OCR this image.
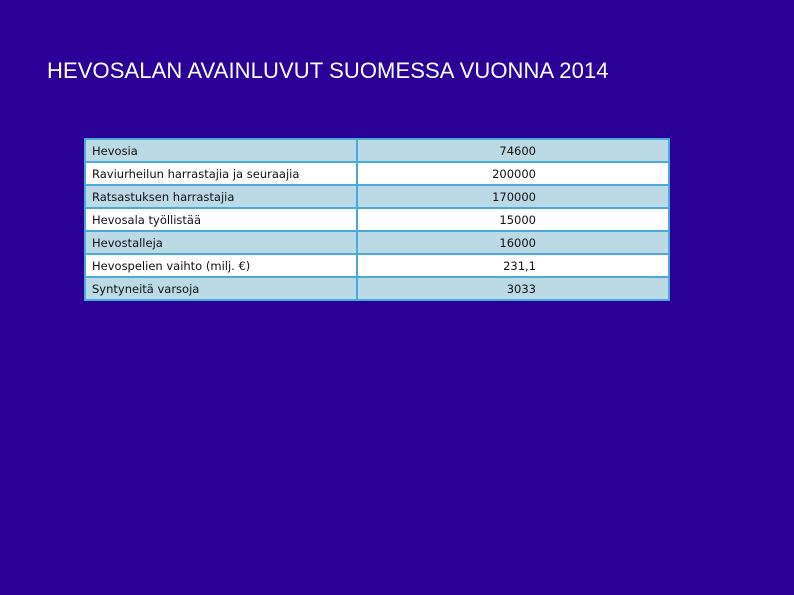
HEVOSALAN AVAINLUVUT SUOMESSA VUONNA 2014
Hevosia	74600
Raviurheilun harrastajia ja seuraajia	200000
Ratsastuksen harrastajia	170000
Hevosala työllistää	15000
Hevostalleja	16000
Hevospelien vaihto (milj. €)	231,1
Syntyneitä varsoja	3033
